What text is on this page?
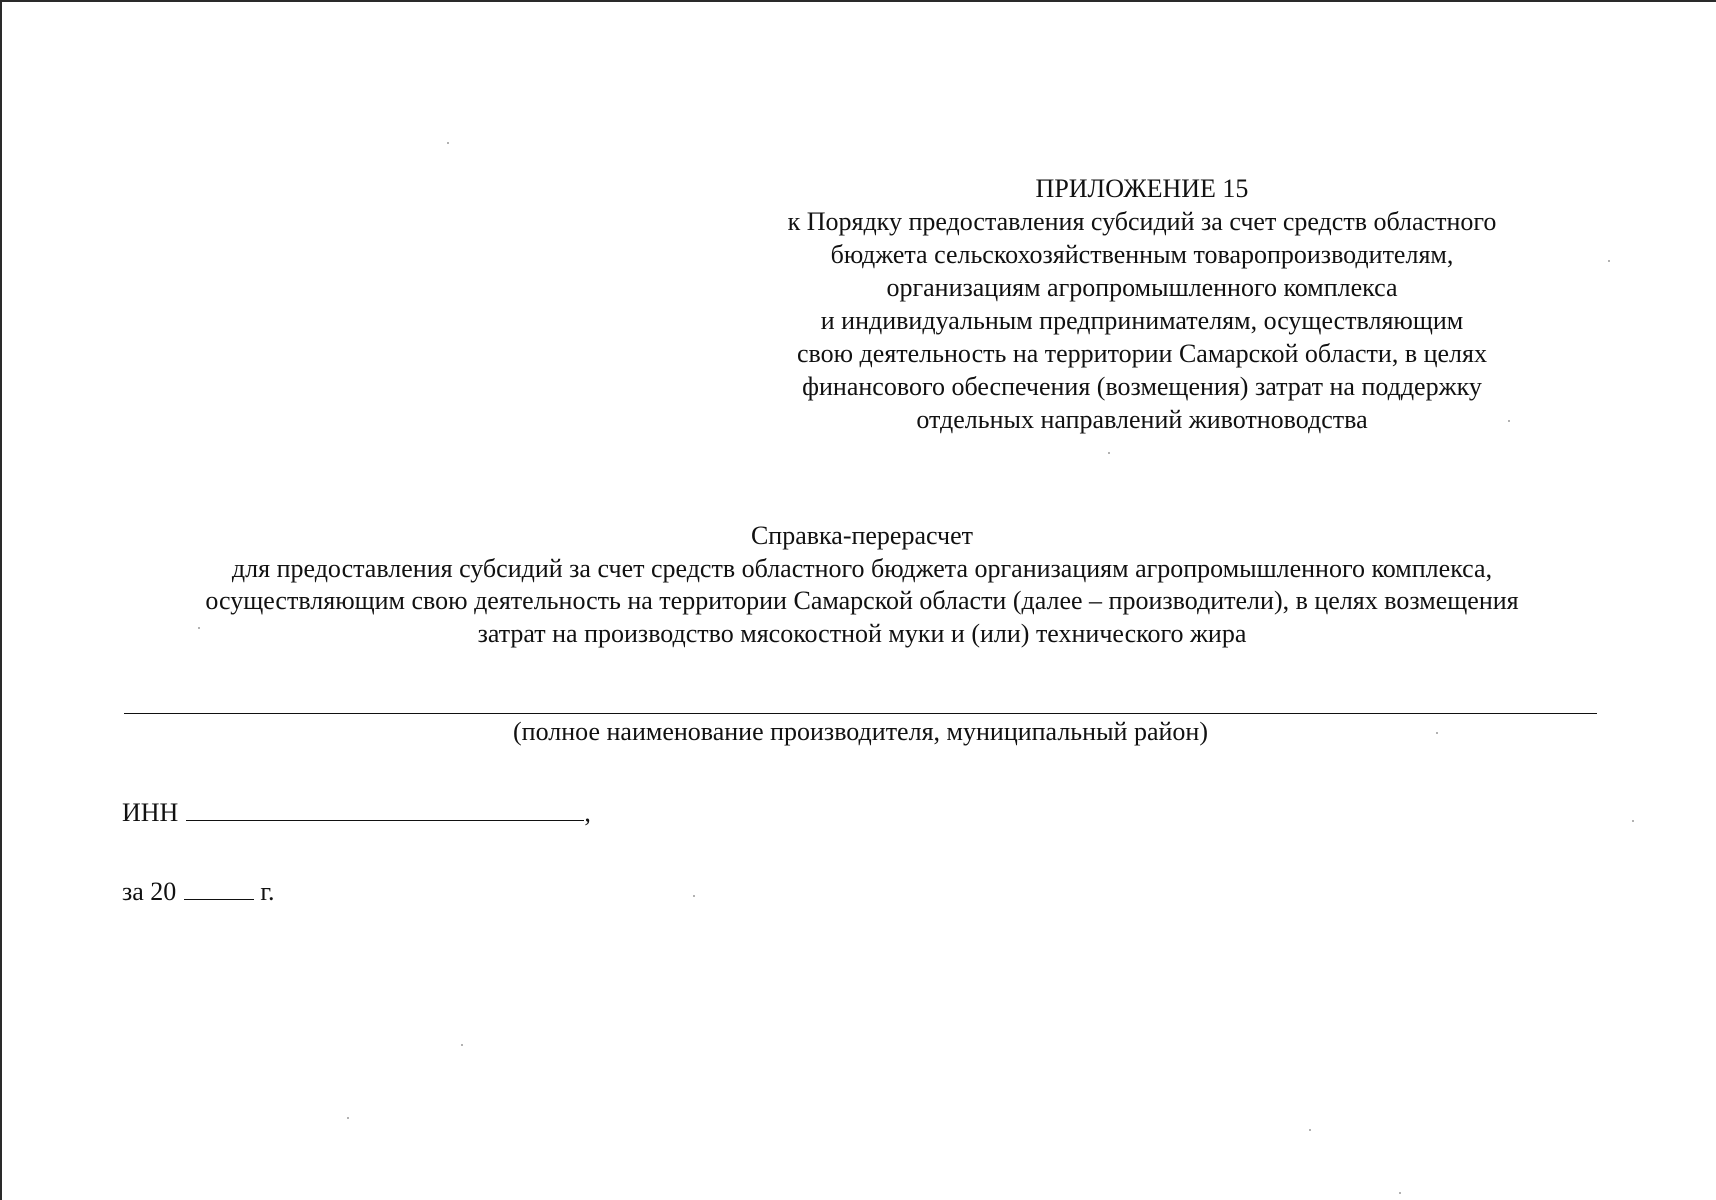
ПРИЛОЖЕНИЕ 15
к Порядку предоставления субсидий за счет средств областного
бюджета сельскохозяйственным товаропроизводителям,
организациям агропромышленного комплекса
и индивидуальным предпринимателям, осуществляющим
свою деятельность на территории Самарской области, в целях
финансового обеспечения (возмещения) затрат на поддержку
отдельных направлений животноводства
Справка-перерасчет
для предоставления субсидий за счет средств областного бюджета организациям агропромышленного комплекса,
осуществляющим свою деятельность на территории Самарской области (далее – производители), в целях возмещения
затрат на производство мясокостной муки и (или) технического жира
(полное наименование производителя, муниципальный район)
ИНН	,
за 20	г.
